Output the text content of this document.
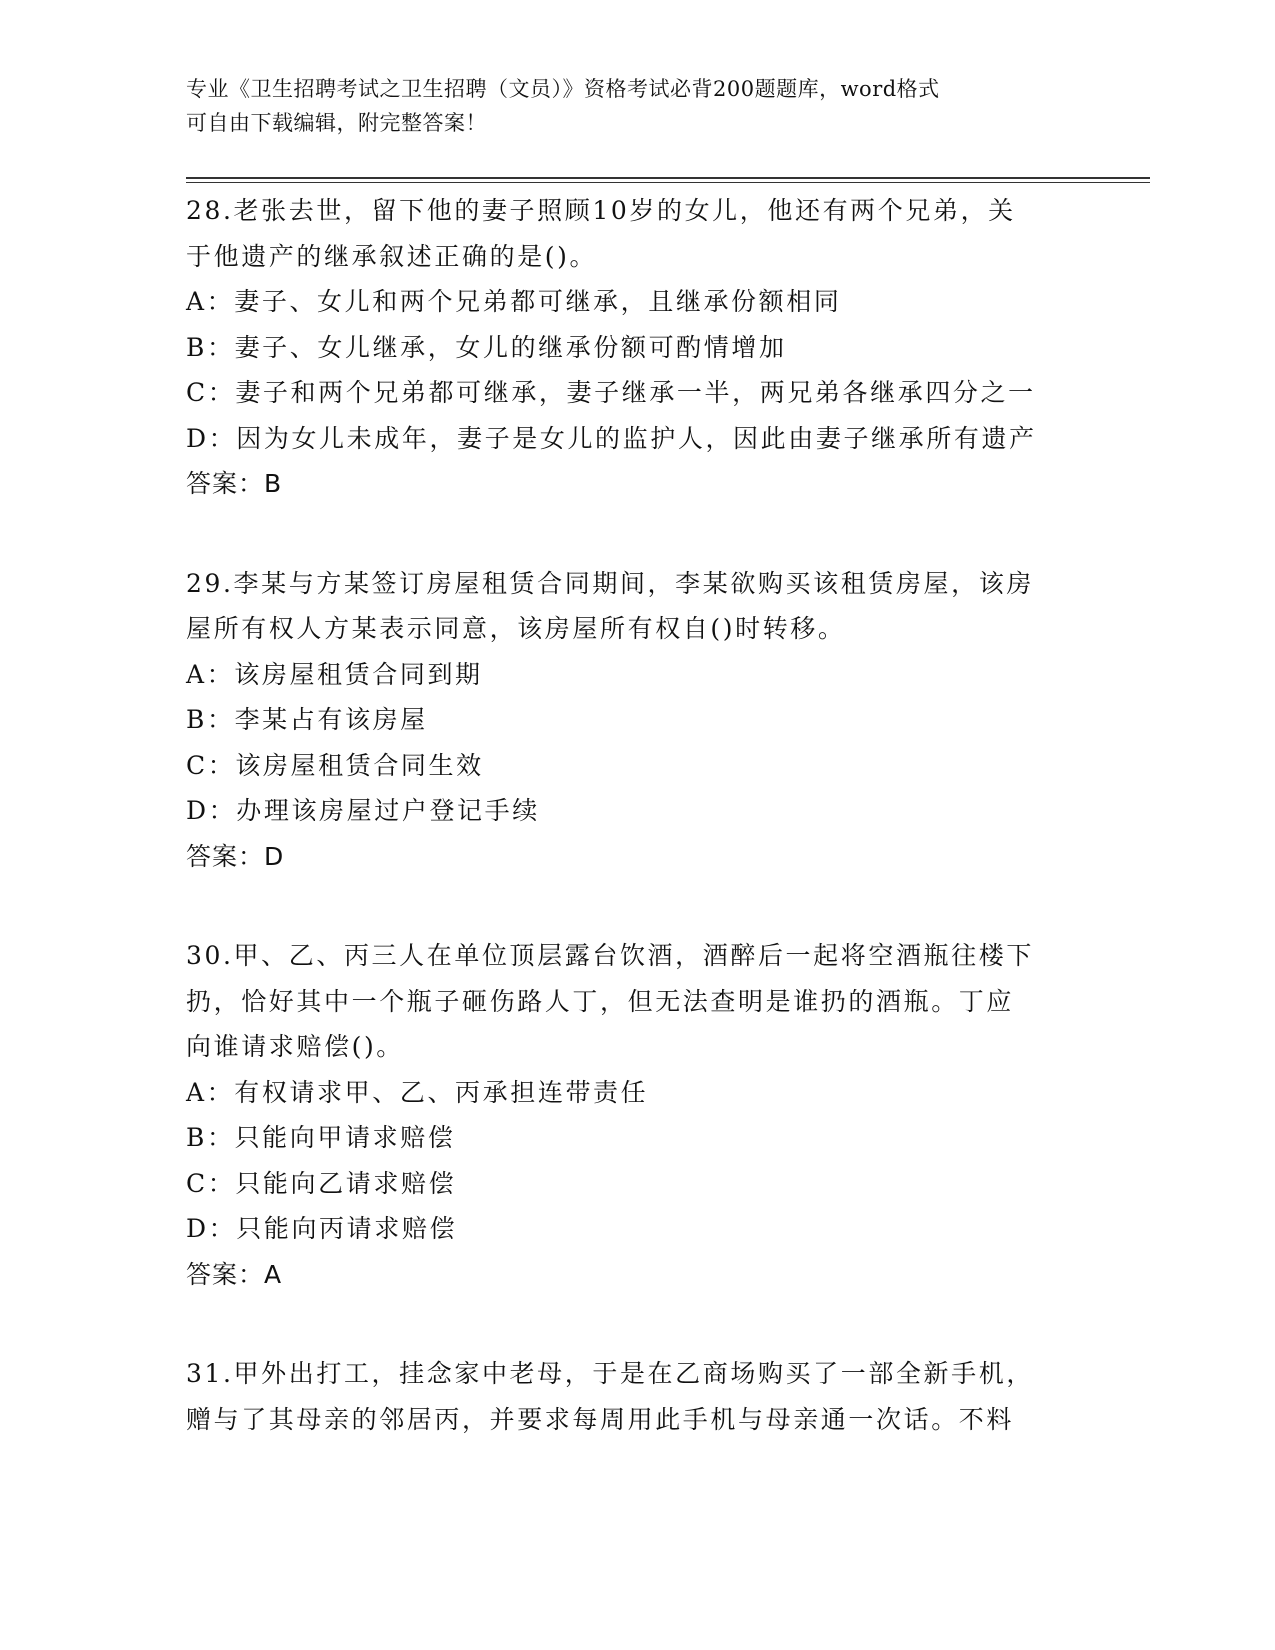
专业《卫生招聘考试之卫生招聘（文员）》资格考试必背200题题库，word格式
可自由下载编辑，附完整答案！
28.老张去世，留下他的妻子照顾10岁的女儿，他还有两个兄弟，关
于他遗产的继承叙述正确的是()。
A：妻子、女儿和两个兄弟都可继承，且继承份额相同
B：妻子、女儿继承，女儿的继承份额可酌情增加
C：妻子和两个兄弟都可继承，妻子继承一半，两兄弟各继承四分之一
D：因为女儿未成年，妻子是女儿的监护人，因此由妻子继承所有遗产
答案：B
29.李某与方某签订房屋租赁合同期间，李某欲购买该租赁房屋，该房
屋所有权人方某表示同意，该房屋所有权自()时转移。
A：该房屋租赁合同到期
B：李某占有该房屋
C：该房屋租赁合同生效
D：办理该房屋过户登记手续
答案：D
30.甲、乙、丙三人在单位顶层露台饮酒，酒醉后一起将空酒瓶往楼下
扔，恰好其中一个瓶子砸伤路人丁，但无法查明是谁扔的酒瓶。丁应
向谁请求赔偿()。
A：有权请求甲、乙、丙承担连带责任
B：只能向甲请求赔偿
C：只能向乙请求赔偿
D：只能向丙请求赔偿
答案：A
31.甲外出打工，挂念家中老母，于是在乙商场购买了一部全新手机，
赠与了其母亲的邻居丙，并要求每周用此手机与母亲通一次话。不料
